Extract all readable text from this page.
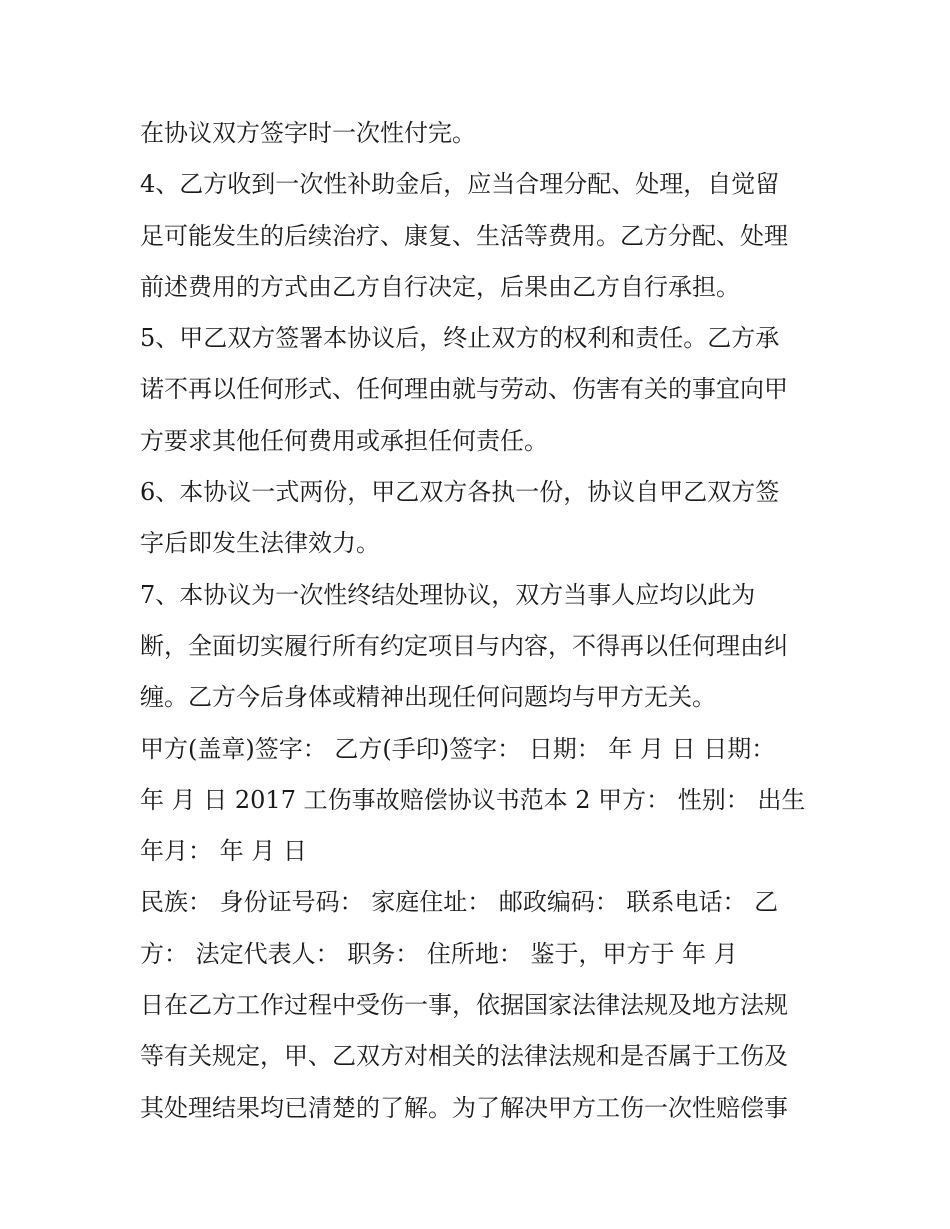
在协议双方签字时一次性付完。
4、乙方收到一次性补助金后，应当合理分配、处理，自觉留
足可能发生的后续治疗、康复、生活等费用。乙方分配、处理
前述费用的方式由乙方自行决定，后果由乙方自行承担。
5、甲乙双方签署本协议后，终止双方的权利和责任。乙方承
诺不再以任何形式、任何理由就与劳动、伤害有关的事宜向甲
方要求其他任何费用或承担任何责任。
6、本协议一式两份，甲乙双方各执一份，协议自甲乙双方签
字后即发生法律效力。
7、本协议为一次性终结处理协议，双方当事人应均以此为
断，全面切实履行所有约定项目与内容，不得再以任何理由纠
缠。乙方今后身体或精神出现任何问题均与甲方无关。
甲方(盖章)签字： 乙方(手印)签字： 日期： 年 月 日 日期：
年 月 日 2017 工伤事故赔偿协议书范本 2 甲方： 性别： 出生
年月： 年 月 日
民族： 身份证号码： 家庭住址： 邮政编码： 联系电话： 乙
方： 法定代表人： 职务： 住所地： 鉴于，甲方于 年 月
日在乙方工作过程中受伤一事，依据国家法律法规及地方法规
等有关规定，甲、乙双方对相关的法律法规和是否属于工伤及
其处理结果均已清楚的了解。为了解决甲方工伤一次性赔偿事
